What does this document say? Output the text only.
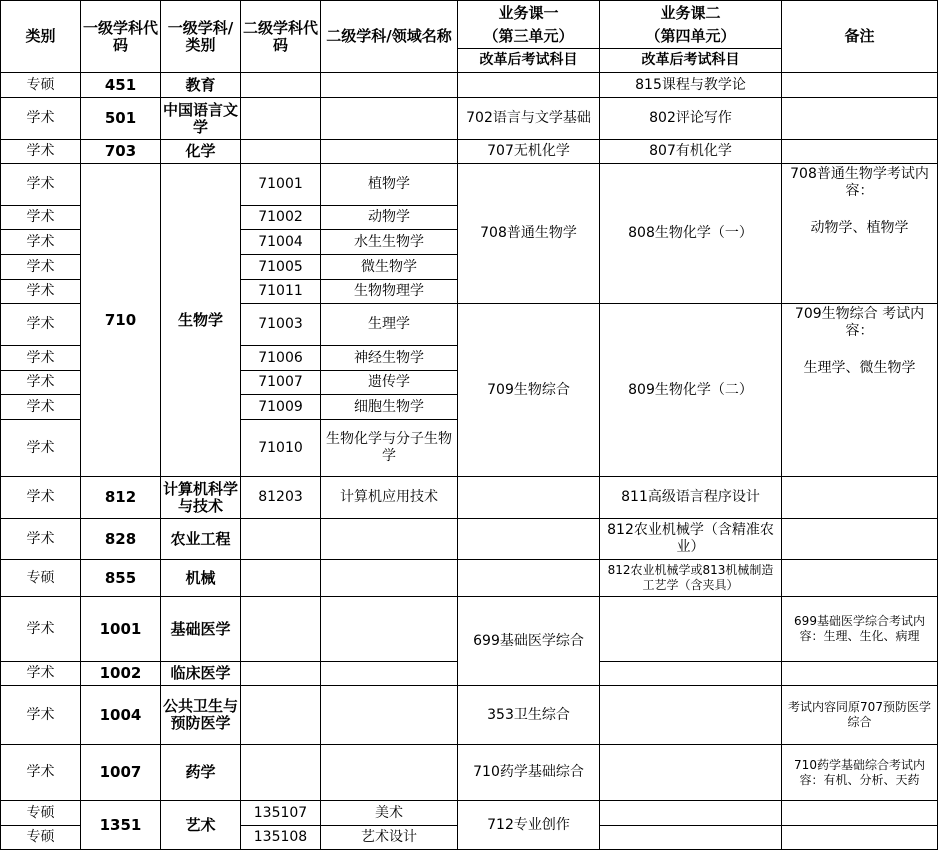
类别	一级学科代码	一级学科/类别	二级学科代码	二级学科/领域名称	业务课一	业务课二	备注
					（第三单元）	（第四单元）	
					改革后考试科目	改革后考试科目	
专硕	451	教育				815课程与教学论	
学术	501	中国语言文学			702语言与文学基础	802评论写作	
学术	703	化学			707无机化学	807有机化学	
学术	710	生物学	71001	植物学	708普通生物学	808生物化学（一）	708普通生物学考试内容：
动物学、植物学

学术			71002	动物学			
学术			71004	水生生物学			
学术			71005	微生物学			
学术			71011	生物物理学			
学术			71003	生理学	709生物综合	809生物化学（二）	709生物综合 考试内容：
生理学、微生物学

学术			71006	神经生物学			
学术			71007	遗传学			
学术			71009	细胞生物学			
学术			71010	生物化学与分子生物学			
学术	812	计算机科学与技术	81203	计算机应用技术		811高级语言程序设计	
学术	828	农业工程				812农业机械学（含精准农业）	
专硕	855	机械				812农业机械学或813机械制造工艺学（含夹具）	
学术	1001	基础医学			699基础医学综合		699基础医学综合考试内容：生理、生化、病理
学术	1002	临床医学					
学术	1004	公共卫生与预防医学			353卫生综合		考试内容同原707预防医学综合
学术	1007	药学			710药学基础综合		710药学基础综合考试内容：有机、分析、天药
专硕	1351	艺术	135107	美术	712专业创作		
专硕			135108	艺术设计			
